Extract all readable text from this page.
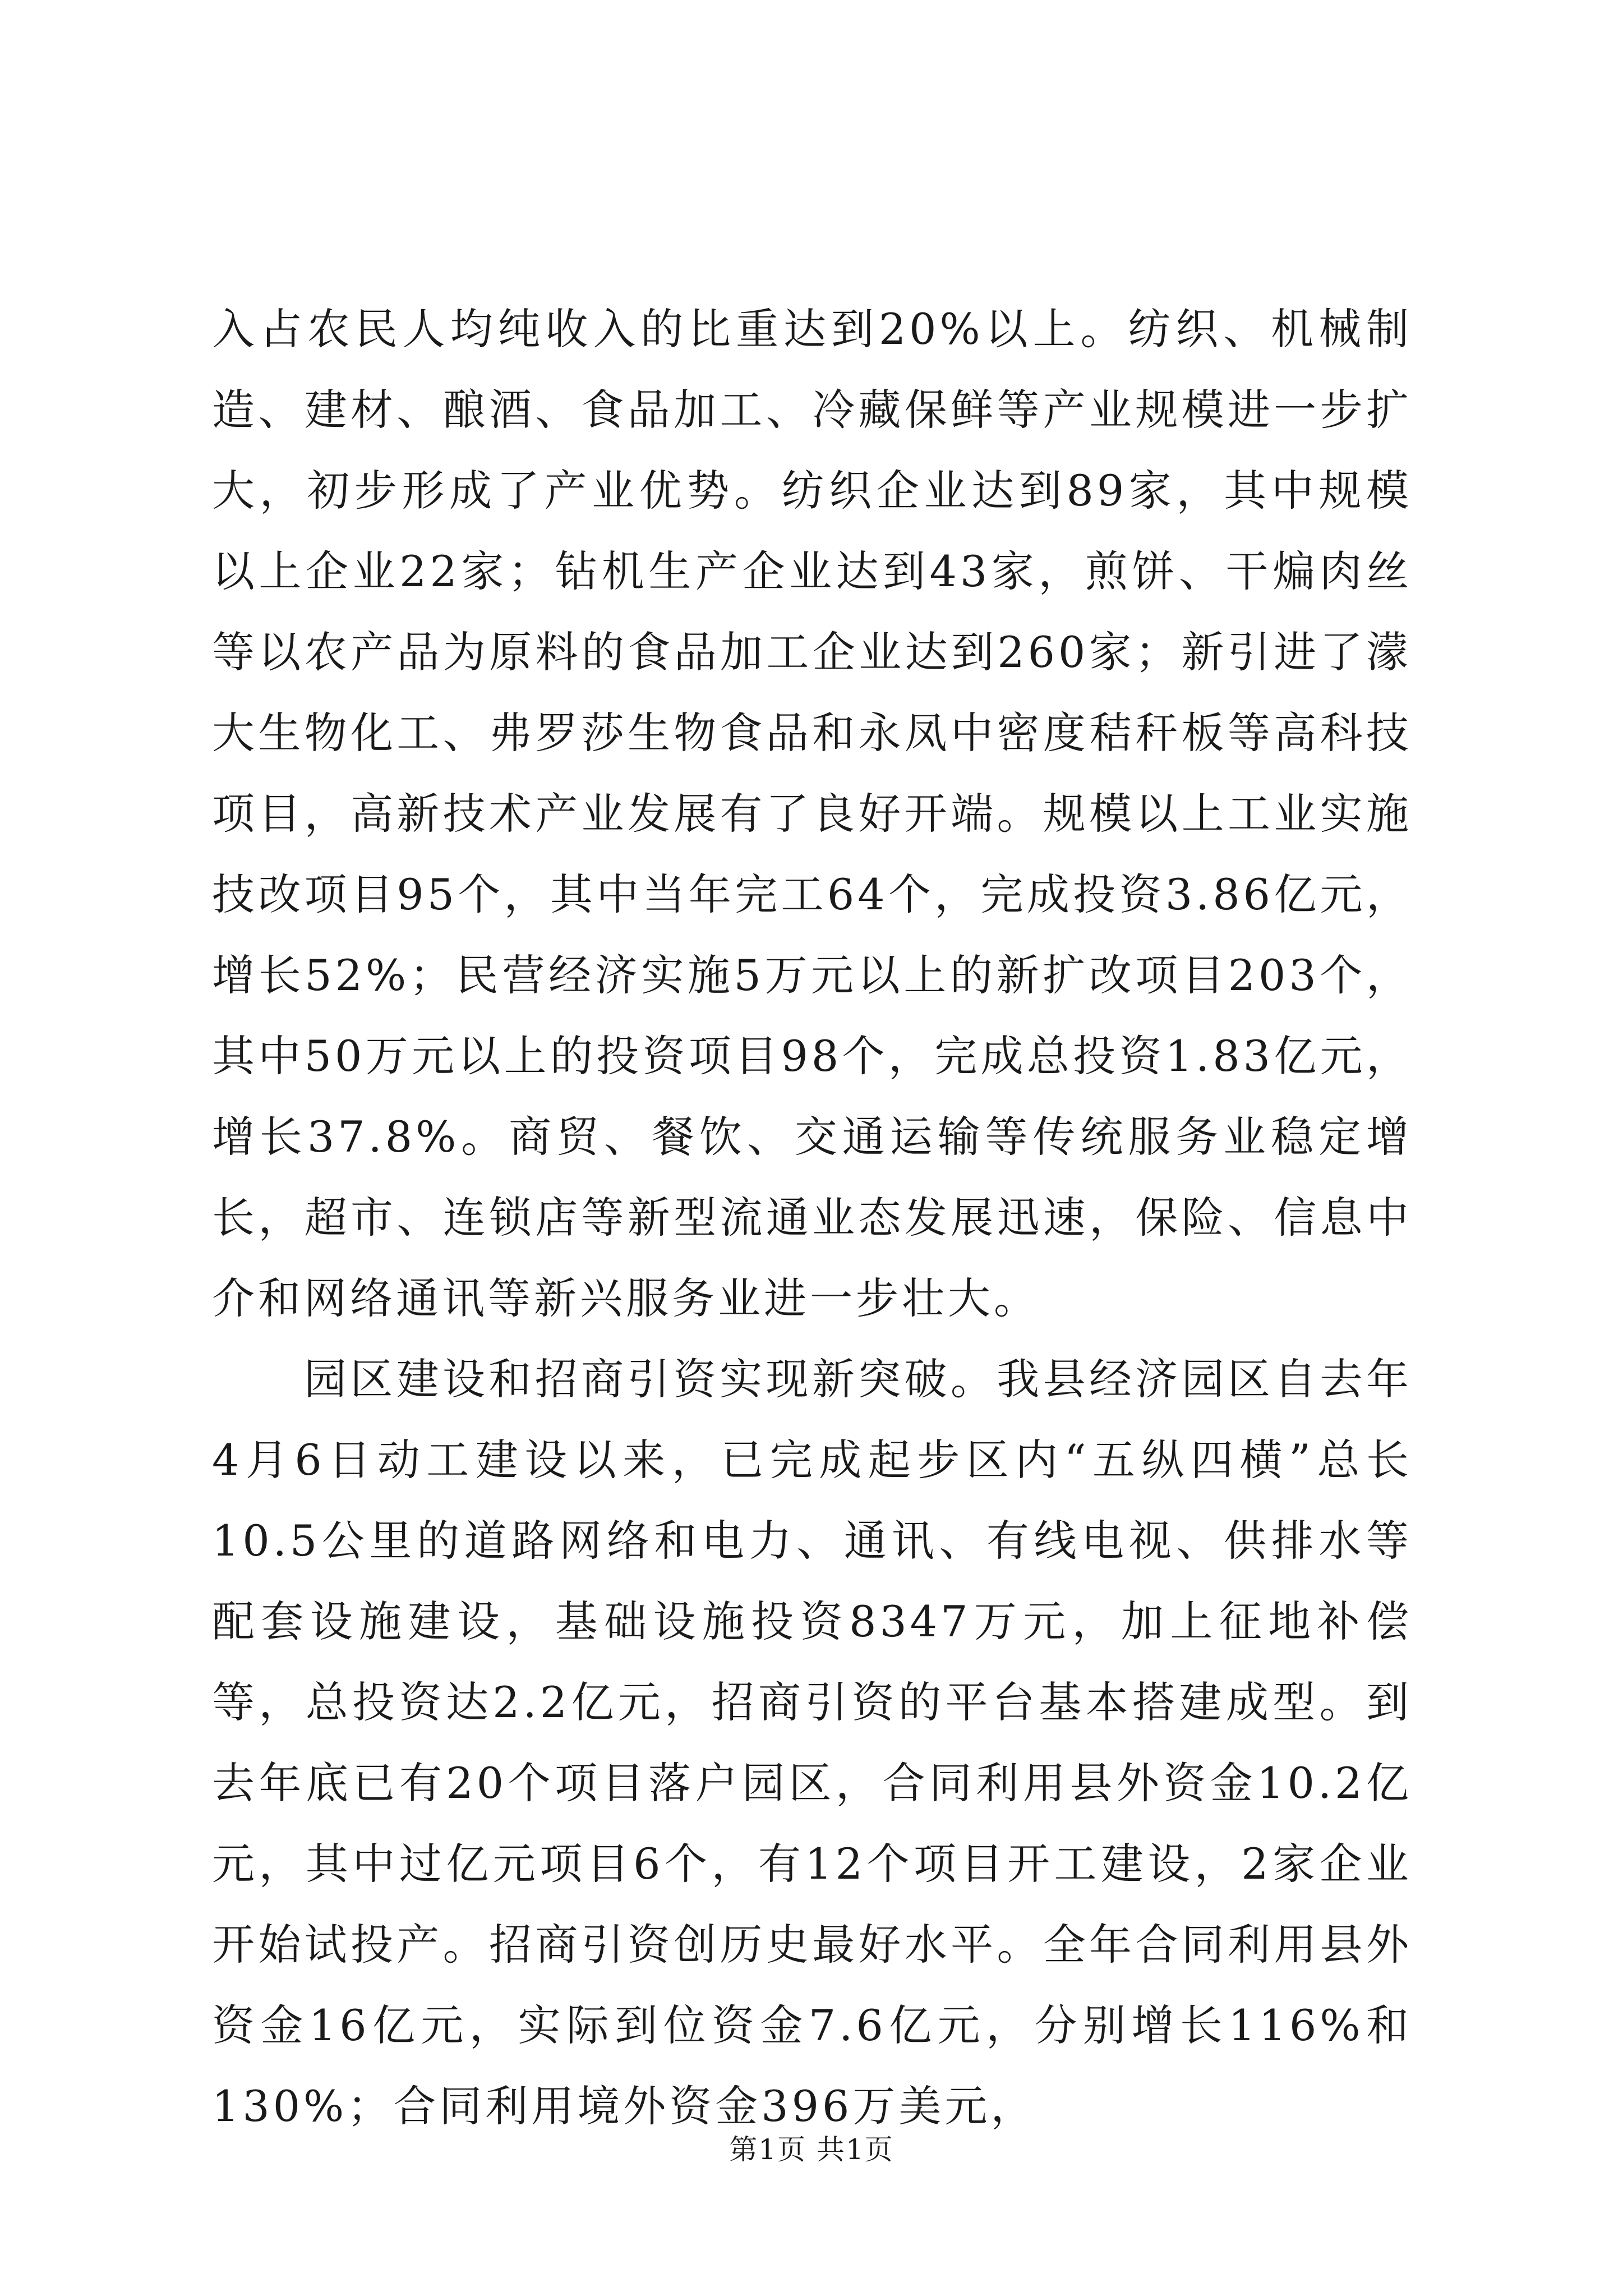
入占农民人均纯收入的比重达到20%以上。纺织、机械制造、建材、酿酒、食品加工、冷藏保鲜等产业规模进一步扩大，初步形成了产业优势。纺织企业达到89家，其中规模以上企业22家；钻机生产企业达到43家，煎饼、干煸肉丝等以农产品为原料的食品加工企业达到260家；新引进了濛大生物化工、弗罗莎生物食品和永凤中密度秸秆板等高科技项目，高新技术产业发展有了良好开端。规模以上工业实施技改项目95个，其中当年完工64个，完成投资3.86亿元，增长52%；民营经济实施5万元以上的新扩改项目203个，其中50万元以上的投资项目98个，完成总投资1.83亿元，增长37.8%。商贸、餐饮、交通运输等传统服务业稳定增长，超市、连锁店等新型流通业态发展迅速，保险、信息中介和网络通讯等新兴服务业进一步壮大。

园区建设和招商引资实现新突破。我县经济园区自去年4月6日动工建设以来，已完成起步区内“五纵四横”总长10.5公里的道路网络和电力、通讯、有线电视、供排水等配套设施建设，基础设施投资8347万元，加上征地补偿等，总投资达2.2亿元，招商引资的平台基本搭建成型。到去年底已有20个项目落户园区，合同利用县外资金10.2亿元，其中过亿元项目6个，有12个项目开工建设，2家企业开始试投产。招商引资创历史最好水平。全年合同利用县外资金16亿元，实际到位资金7.6亿元，分别增长116%和130%；合同利用境外资金396万美元，

第1页 共1页
